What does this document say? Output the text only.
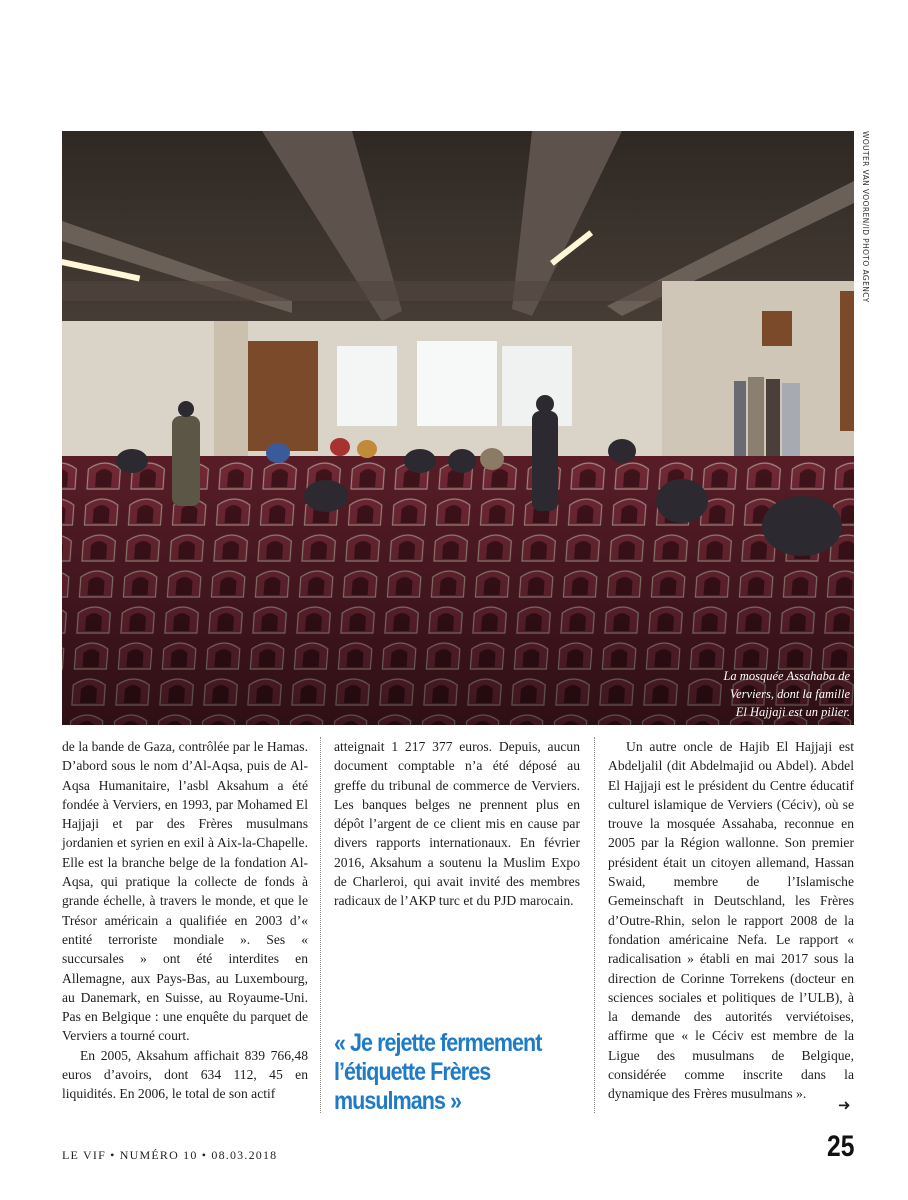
WOUTER VAN VOOREN/ID PHOTO AGENCY
La mosquée Assahaba de
Verviers, dont la famille
El Hajjaji est un pilier.

de la bande de Gaza, contrôlée par le Hamas. D’abord sous le nom d’Al-Aqsa, puis de Al-Aqsa Humanitaire, l’asbl Aksahum a été fondée à Verviers, en 1993, par Mohamed El Hajjaji et par des Frères musulmans jordanien et syrien en exil à Aix-la-Chapelle. Elle est la branche belge de la fondation Al-Aqsa, qui pratique la collecte de fonds à grande échelle, à travers le monde, et que le Trésor américain a qualifiée en 2003 d’« entité terroriste mondiale ». Ses « succursales » ont été interdites en Allemagne, aux Pays-Bas, au Luxembourg, au Danemark, en Suisse, au Royaume-Uni. Pas en Belgique : une enquête du parquet de Verviers a tourné court.

En 2005, Aksahum affichait 839 766,48 euros d’avoirs, dont 634 112, 45 en liquidités. En 2006, le total de son actif

atteignait 1 217 377 euros. Depuis, aucun document comptable n’a été déposé au greffe du tribunal de commerce de Verviers. Les banques belges ne prennent plus en dépôt l’argent de ce client mis en cause par divers rapports internationaux. En février 2016, Aksahum a soutenu la Muslim Expo de Charleroi, qui avait invité des membres radicaux de l’AKP turc et du PJD marocain.

« Je rejette fermement
l’étiquette Frères
musulmans »

Un autre oncle de Hajib El Hajjaji est Abdeljalil (dit Abdelmajid ou Abdel). Abdel El Hajjaji est le président du Centre éducatif culturel islamique de Verviers (Céciv), où se trouve la mosquée Assahaba, reconnue en 2005 par la Région wallonne. Son premier président était un citoyen allemand, Hassan Swaid, membre de l’Islamische Gemeinschaft in Deutschland, les Frères d’Outre-Rhin, selon le rapport 2008 de la fondation américaine Nefa. Le rapport « radicalisation » établi en mai 2017 sous la direction de Corinne Torrekens (docteur en sciences sociales et politiques de l’ULB), à la demande des autorités verviétoises, affirme que « le Céciv est membre de la Ligue des musulmans de Belgique, considérée comme inscrite dans la dynamique des Frères musulmans ».

➜
LE VIF • NUMÉRO 10 • 08.03.2018	25
